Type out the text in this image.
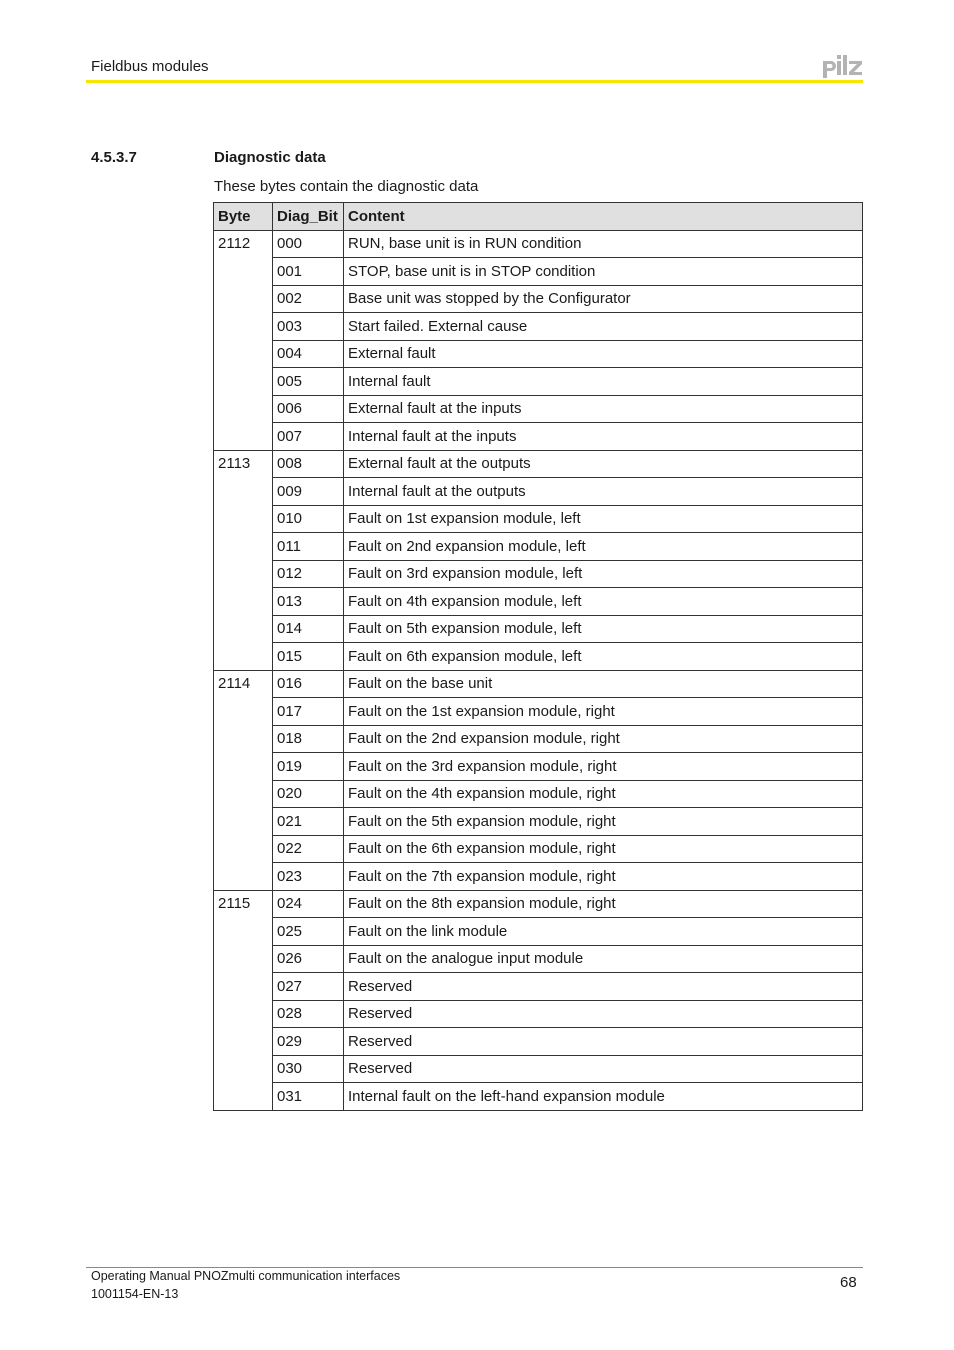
Fieldbus modules
4.5.3.7	Diagnostic data
These bytes contain the diagnostic data
Byte	Diag_Bit	Content
2112	000	RUN, base unit is in RUN condition
	001	STOP, base unit is in STOP condition
	002	Base unit was stopped by the Configurator
	003	Start failed. External cause
	004	External fault
	005	Internal fault
	006	External fault at the inputs
	007	Internal fault at the inputs
2113	008	External fault at the outputs
	009	Internal fault at the outputs
	010	Fault on 1st expansion module, left
	011	Fault on 2nd expansion module, left
	012	Fault on 3rd expansion module, left
	013	Fault on 4th expansion module, left
	014	Fault on 5th expansion module, left
	015	Fault on 6th expansion module, left
2114	016	Fault on the base unit
	017	Fault on the 1st expansion module, right
	018	Fault on the 2nd expansion module, right
	019	Fault on the 3rd expansion module, right
	020	Fault on the 4th expansion module, right
	021	Fault on the 5th expansion module, right
	022	Fault on the 6th expansion module, right
	023	Fault on the 7th expansion module, right
2115	024	Fault on the 8th expansion module, right
	025	Fault on the link module
	026	Fault on the analogue input module
	027	Reserved
	028	Reserved
	029	Reserved
	030	Reserved
	031	Internal fault on the left-hand expansion module
Operating Manual PNOZmulti communication interfaces
1001154-EN-13
68
